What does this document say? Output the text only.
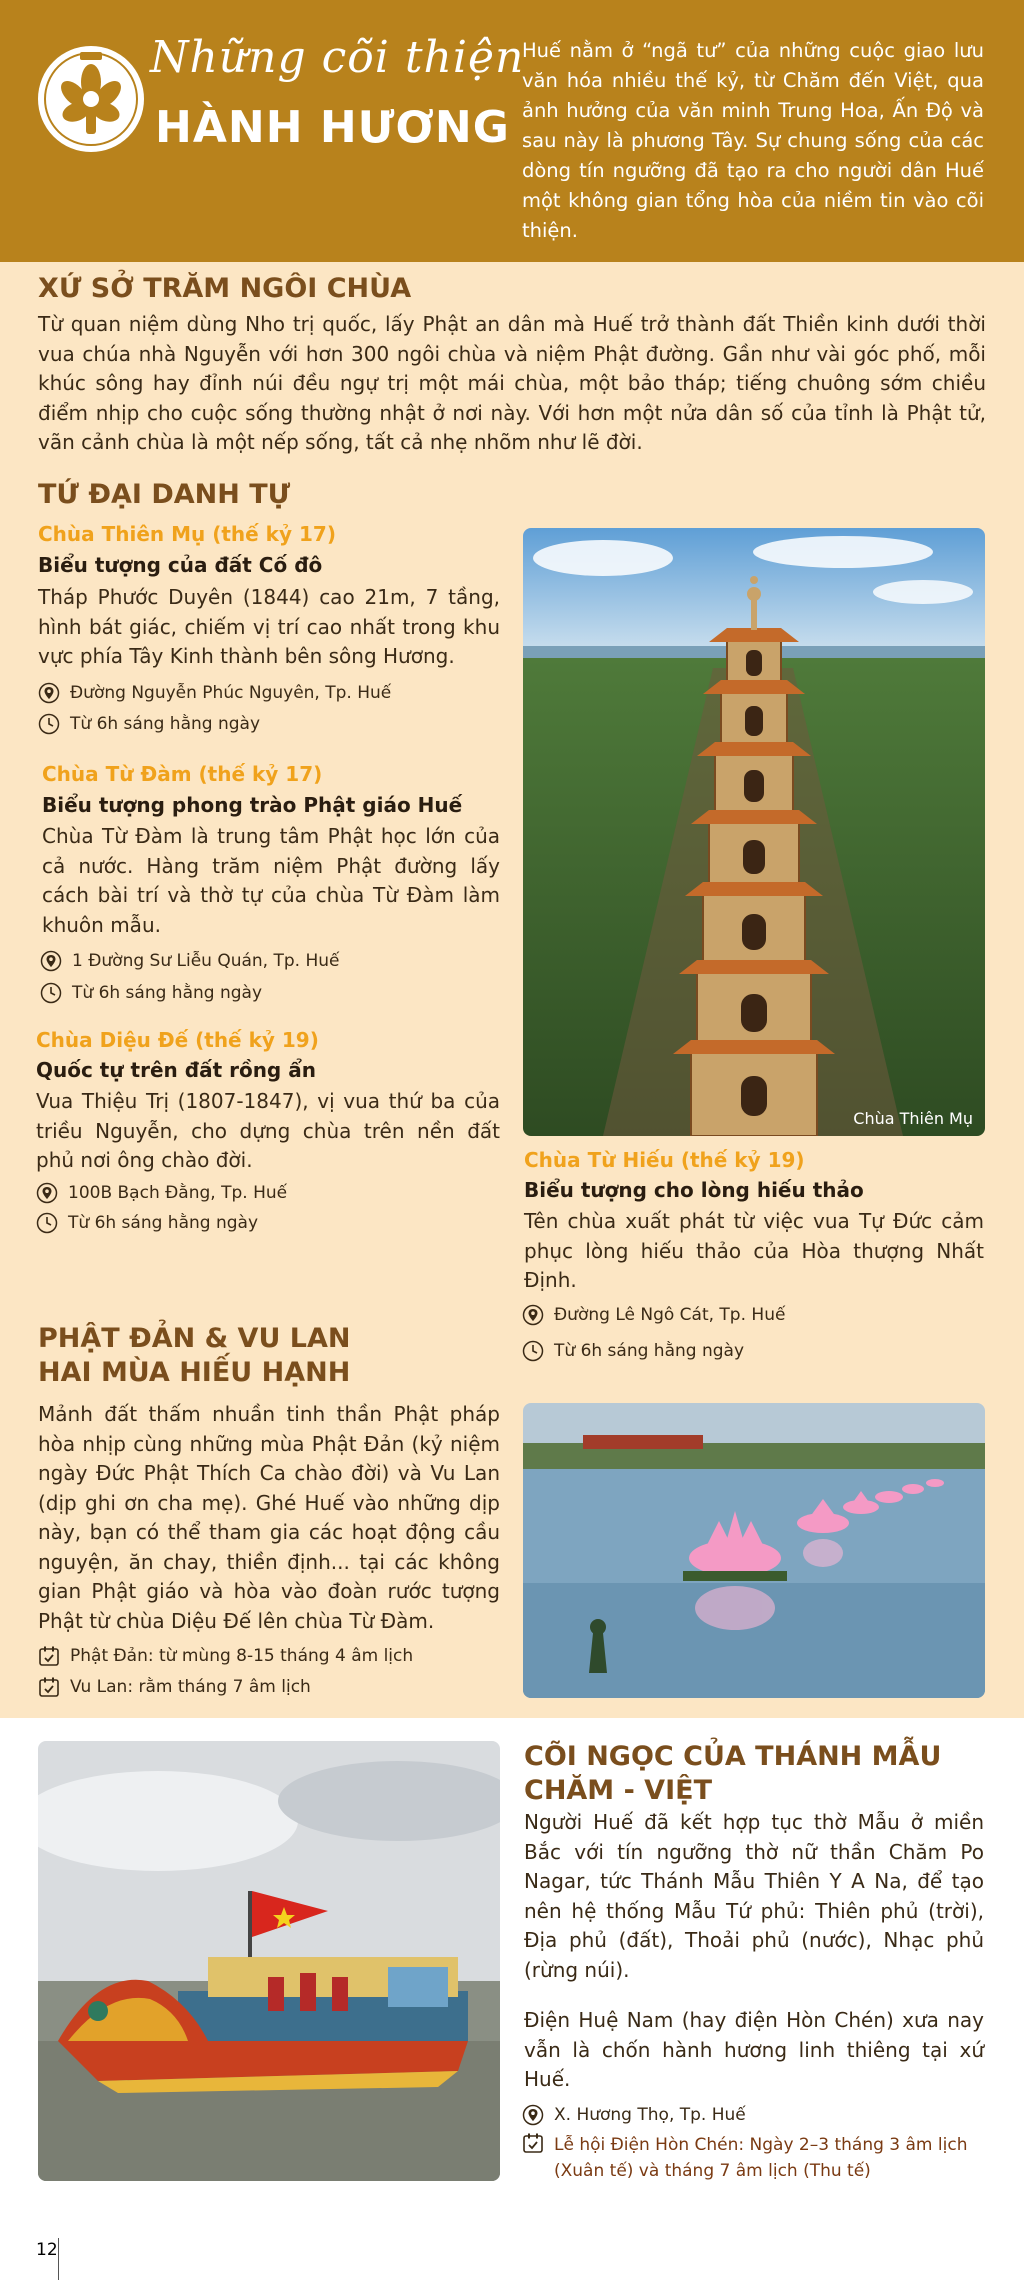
Những cõi thiện
HÀNH HƯƠNG
Huế nằm ở “ngã tư” của những cuộc giao lưu văn hóa nhiều thế kỷ, từ Chăm đến Việt, qua ảnh hưởng của văn minh Trung Hoa, Ấn Độ và sau này là phương Tây. Sự chung sống của các dòng tín ngưỡng đã tạo ra cho người dân Huế một không gian tổng hòa của niềm tin vào cõi thiện.
XỨ SỞ TRĂM NGÔI CHÙA
Từ quan niệm dùng Nho trị quốc, lấy Phật an dân mà Huế trở thành đất Thiền kinh dưới thời vua chúa nhà Nguyễn với hơn 300 ngôi chùa và niệm Phật đường. Gần như vài góc phố, mỗi khúc sông hay đỉnh núi đều ngự trị một mái chùa, một bảo tháp; tiếng chuông sớm chiều điểm nhịp cho cuộc sống thường nhật ở nơi này. Với hơn một nửa dân số của tỉnh là Phật tử, vãn cảnh chùa là một nếp sống, tất cả nhẹ nhõm như lẽ đời.
TỨ ĐẠI DANH TỰ
Chùa Thiên Mụ (thế kỷ 17)
Biểu tượng của đất Cố đô
Tháp Phước Duyên (1844) cao 21m, 7 tầng, hình bát giác, chiếm vị trí cao nhất trong khu vực phía Tây Kinh thành bên sông Hương.
Đường Nguyễn Phúc Nguyên, Tp. Huế
Từ 6h sáng hằng ngày
Chùa Từ Đàm (thế kỷ 17)
Biểu tượng phong trào Phật giáo Huế
Chùa Từ Đàm là trung tâm Phật học lớn của cả nước. Hàng trăm niệm Phật đường lấy cách bài trí và thờ tự của chùa Từ Đàm làm khuôn mẫu.
1 Đường Sư Liễu Quán, Tp. Huế
Từ 6h sáng hằng ngày
Chùa Diệu Đế (thế kỷ 19)
Quốc tự trên đất rồng ẩn
Vua Thiệu Trị (1807-1847), vị vua thứ ba của triều Nguyễn, cho dựng chùa trên nền đất phủ nơi ông chào đời.
100B Bạch Đằng, Tp. Huế
Từ 6h sáng hằng ngày
Chùa Thiên Mụ
Chùa Từ Hiếu (thế kỷ 19)
Biểu tượng cho lòng hiếu thảo
Tên chùa xuất phát từ việc vua Tự Đức cảm phục lòng hiếu thảo của Hòa thượng Nhất Định.
Đường Lê Ngô Cát, Tp. Huế
Từ 6h sáng hằng ngày
PHẬT ĐẢN & VU LAN
HAI MÙA HIẾU HẠNH
Mảnh đất thấm nhuần tinh thần Phật pháp hòa nhịp cùng những mùa Phật Đản (kỷ niệm ngày Đức Phật Thích Ca chào đời) và Vu Lan (dịp ghi ơn cha mẹ). Ghé Huế vào những dịp này, bạn có thể tham gia các hoạt động cầu nguyện, ăn chay, thiền định... tại các không gian Phật giáo và hòa vào đoàn rước tượng Phật từ chùa Diệu Đế lên chùa Từ Đàm.
Phật Đản: từ mùng 8-15 tháng 4 âm lịch
Vu Lan: rằm tháng 7 âm lịch
CÕI NGỌC CỦA THÁNH MẪU
CHĂM - VIỆT
Người Huế đã kết hợp tục thờ Mẫu ở miền Bắc với tín ngưỡng thờ nữ thần Chăm Po Nagar, tức Thánh Mẫu Thiên Y A Na, để tạo nên hệ thống Mẫu Tứ phủ: Thiên phủ (trời), Địa phủ (đất), Thoải phủ (nước), Nhạc phủ (rừng núi).
Điện Huệ Nam (hay điện Hòn Chén) xưa nay vẫn là chốn hành hương linh thiêng tại xứ Huế.
X. Hương Thọ, Tp. Huế
Lễ hội Điện Hòn Chén: Ngày 2–3 tháng 3 âm lịch
(Xuân tế) và tháng 7 âm lịch (Thu tế)
12
